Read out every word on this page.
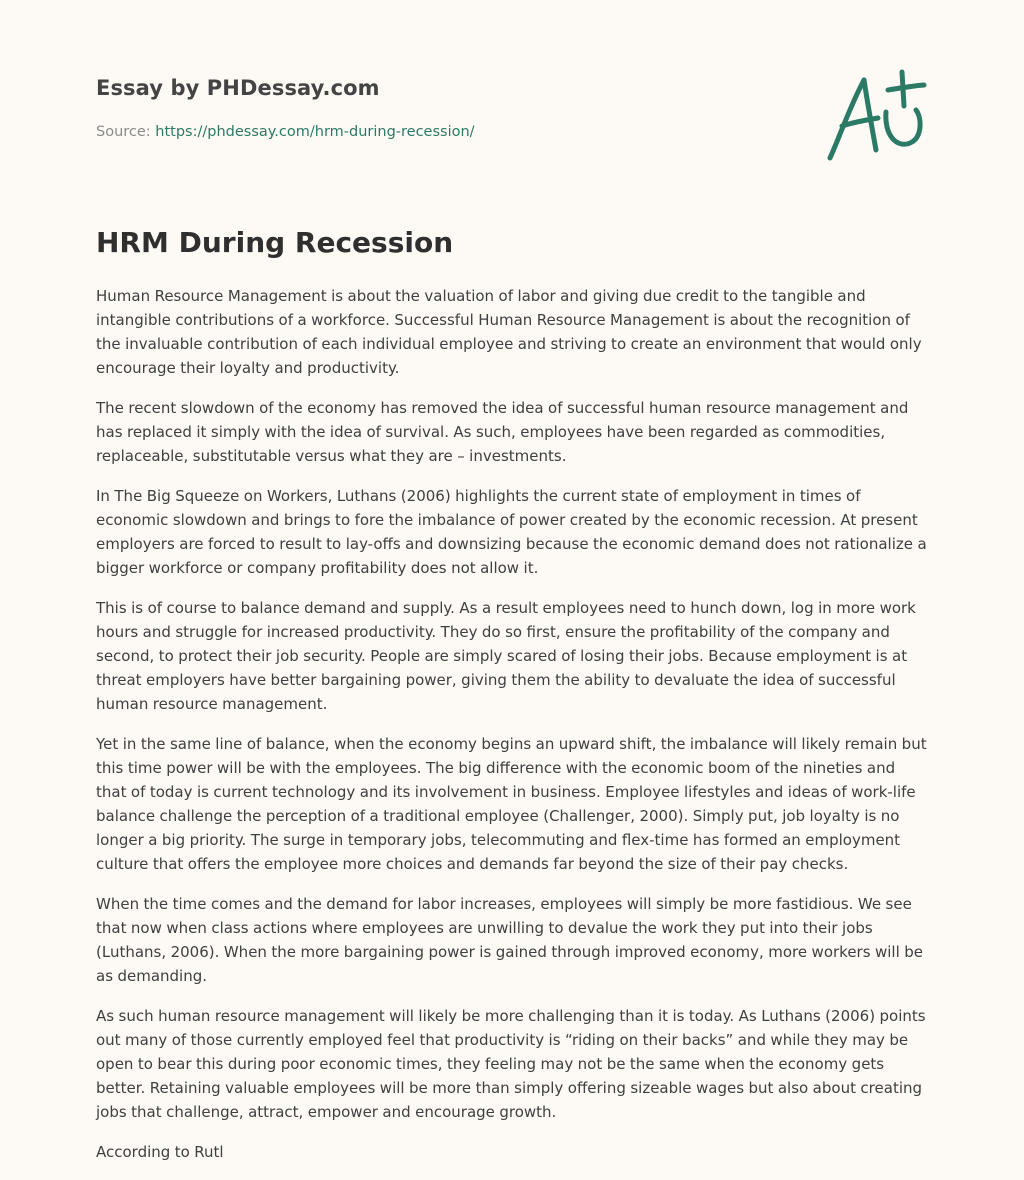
Essay by PHDessay.com

Source: https://phdessay.com/hrm-during-recession/

HRM During Recession

Human Resource Management is about the valuation of labor and giving due credit to the tangible and intangible contributions of a workforce. Successful Human Resource Management is about the recognition of the invaluable contribution of each individual employee and striving to create an environment that would only encourage their loyalty and productivity.

The recent slowdown of the economy has removed the idea of successful human resource management and has replaced it simply with the idea of survival. As such, employees have been regarded as commodities, replaceable, substitutable versus what they are – investments.

In The Big Squeeze on Workers, Luthans (2006) highlights the current state of employment in times of economic slowdown and brings to fore the imbalance of power created by the economic recession. At present employers are forced to result to lay-offs and downsizing because the economic demand does not rationalize a bigger workforce or company profitability does not allow it.

This is of course to balance demand and supply. As a result employees need to hunch down, log in more work hours and struggle for increased productivity. They do so first, ensure the profitability of the company and second, to protect their job security. People are simply scared of losing their jobs. Because employment is at threat employers have better bargaining power, giving them the ability to devaluate the idea of successful human resource management.

Yet in the same line of balance, when the economy begins an upward shift, the imbalance will likely remain but this time power will be with the employees. The big difference with the economic boom of the nineties and that of today is current technology and its involvement in business. Employee lifestyles and ideas of work-life balance challenge the perception of a traditional employee (Challenger, 2000). Simply put, job loyalty is no longer a big priority. The surge in temporary jobs, telecommuting and flex-time has formed an employment culture that offers the employee more choices and demands far beyond the size of their pay checks.

When the time comes and the demand for labor increases, employees will simply be more fastidious. We see that now when class actions where employees are unwilling to devalue the work they put into their jobs (Luthans, 2006). When the more bargaining power is gained through improved economy, more workers will be as demanding.

As such human resource management will likely be more challenging than it is today. As Luthans (2006) points out many of those currently employed feel that productivity is “riding on their backs” and while they may be open to bear this during poor economic times, they feeling may not be the same when the economy gets better. Retaining valuable employees will be more than simply offering sizeable wages but also about creating jobs that challenge, attract, empower and encourage growth.

According to Rutl
